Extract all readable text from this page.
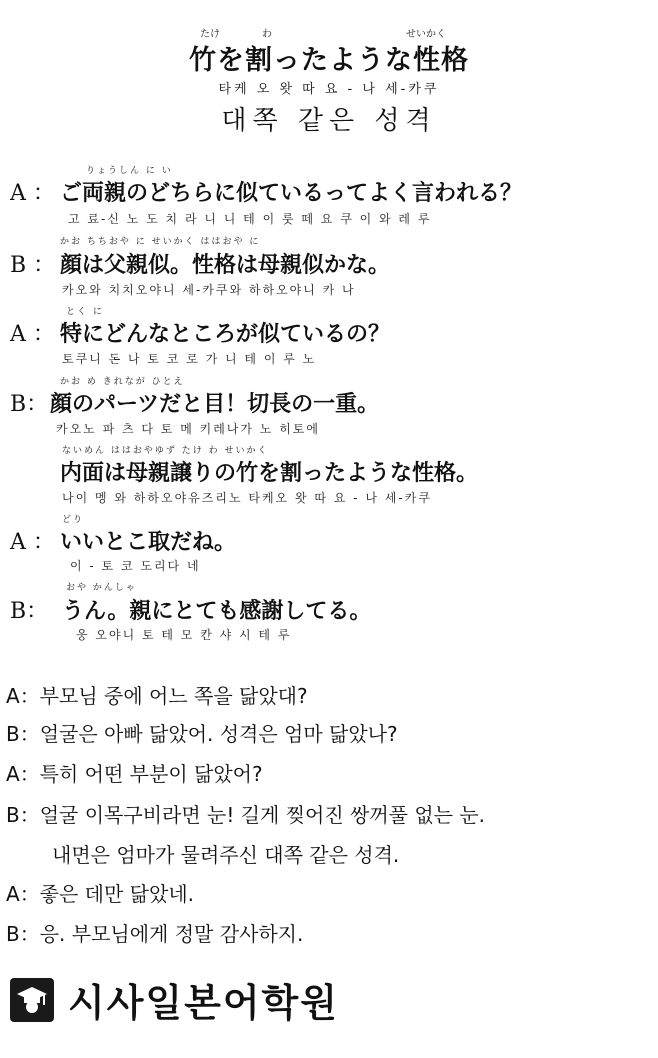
たけ	わ	せいかく
竹を割ったような性格
타케 오 왓 따 요 - 나 세-카쿠
대쪽 같은 성격
りょうしん に い
A ： ご両親のどちらに似ているってよく言われる？
고 료-신 노 도 치 라 니 니 테 이 룻 떼 요 쿠 이 와 레 루
かお ちちおや に せいかく ははおや に
B ： 顔は父親似。性格は母親似かな。
카오와 치치오야니 세-카쿠와 하하오야니 카 나
とく に
A ： 特にどんなところが似ているの？
토쿠니 돈 나 토 코 로 가 니 테 이 루 노
かお め きれなが ひとえ
B： 顔のパーツだと目！切長の一重。
카오노 파 츠 다 토 메 키레나가 노 히토에
ないめん ははおやゆず たけ わ せいかく
内面は母親譲りの竹を割ったような性格。
나이 멩 와 하하오야유즈리노 타케오 왓 따 요 - 나 세-카쿠
どり
A ： いいとこ取だね。
이 - 토 코 도리다 네
おや かんしゃ
B： うん。親にとても感謝してる。
웅 오야니 토 테 모 칸 샤 시 테 루
A：부모님 중에 어느 쪽을 닮았대?
B：얼굴은 아빠 닮았어. 성격은 엄마 닮았나?
A：특히 어떤 부분이 닮았어?
B：얼굴 이목구비라면 눈! 길게 찢어진 쌍꺼풀 없는 눈.
내면은 엄마가 물려주신 대쪽 같은 성격.
A：좋은 데만 닮았네.
B：응. 부모님에게 정말 감사하지.
시사일본어학원
